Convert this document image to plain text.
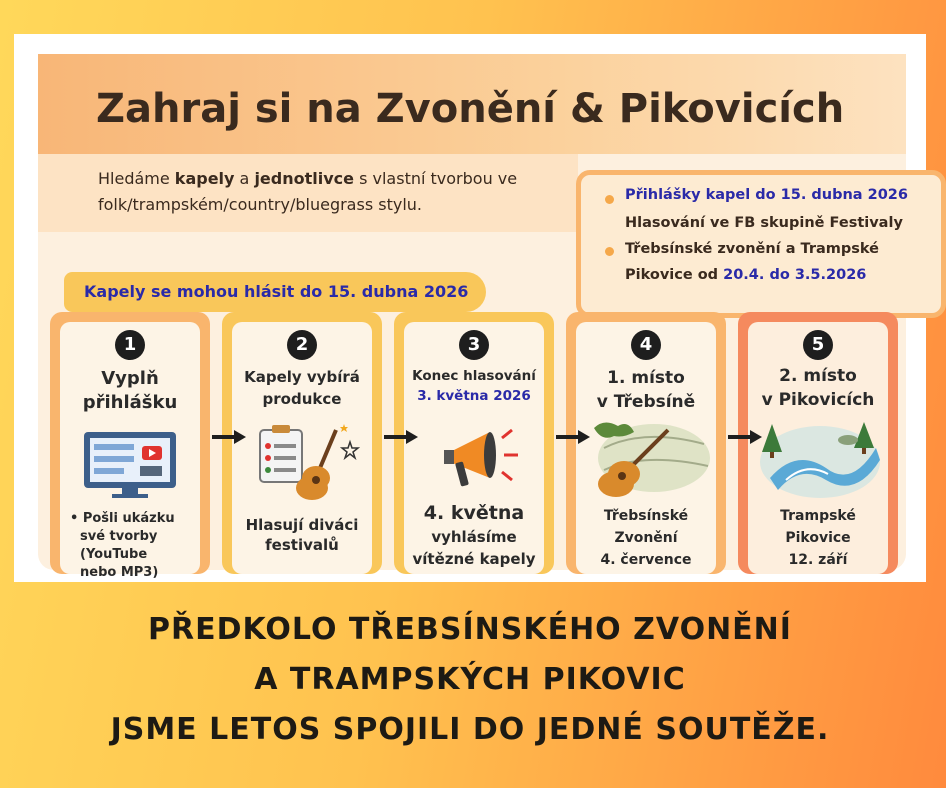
Zahraj si na Zvonění & Pikovicích
Hledáme kapely a jednotlivce s vlastní tvorbou ve
folk/trampském/country/bluegrass stylu.
Kapely se mohou hlásit do 15. dubna 2026
Přihlášky kapel do 15. dubna 2026
Hlasování ve FB skupině Festivaly
Třebsínské zvonění a Trampské
Pikovice od 20.4. do 3.5.2026
1
Vyplň
přihlášku
• Pošli ukázku
své tvorby
(YouTube
nebo MP3)
2
Kapely vybírá
produkce
Hlasují diváci
festivalů
3
Konec hlasování
3. května 2026
4. května
vyhlásíme
vítězné kapely
4
1. místo
v Třebsíně
Třebsínské
Zvonění
4. července
5
2. místo
v Pikovicích
Trampské
Pikovice
12. září
PŘEDKOLO TŘEBSÍNSKÉHO ZVONĚNÍ
A TRAMPSKÝCH PIKOVIC
JSME LETOS SPOJILI DO JEDNÉ SOUTĚŽE.
